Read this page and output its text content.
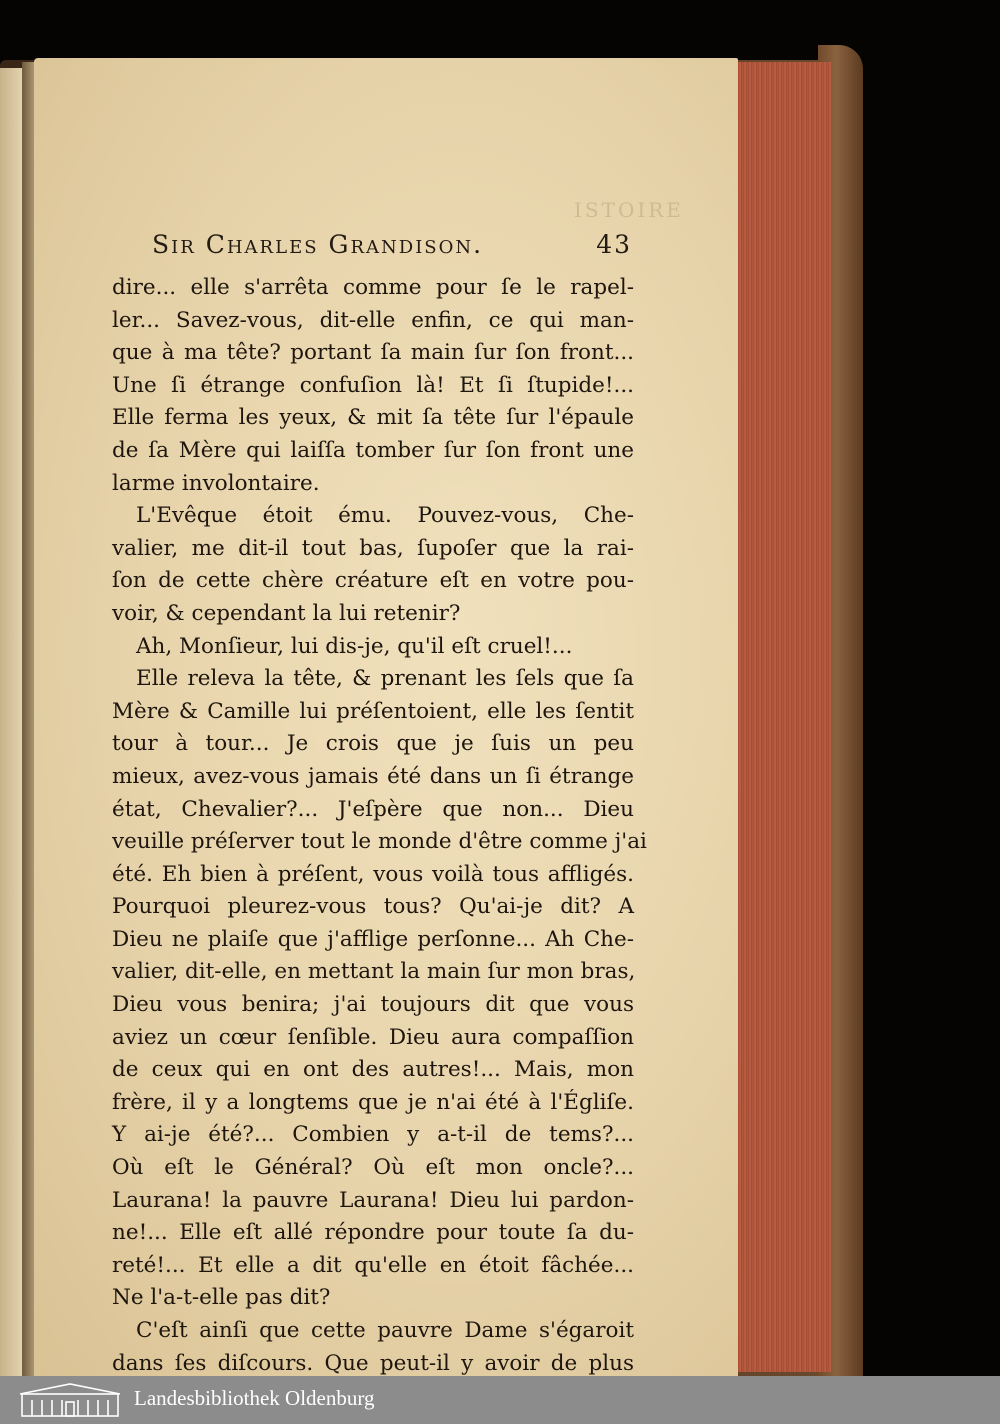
ISTOIRE
Sir Charles Grandison.	43
dire... elle s'arrêta comme pour ſe le rapel-
ler... Savez-vous, dit-elle enfin, ce qui man-
que à ma tête? portant ſa main ſur ſon front...
Une ſi étrange confuſion là! Et ſi ſtupide!...
Elle ferma les yeux, & mit ſa tête ſur l'épaule
de ſa Mère qui laiſſa tomber ſur ſon front une
larme involontaire.
L'Evêque étoit ému. Pouvez-vous, Che-
valier, me dit-il tout bas, ſupoſer que la rai-
ſon de cette chère créature eſt en votre pou-
voir, & cependant la lui retenir?
Ah, Monſieur, lui dis-je, qu'il eſt cruel!...
Elle releva la tête, & prenant les ſels que ſa
Mère & Camille lui préſentoient, elle les ſentit
tour à tour... Je crois que je ſuis un peu
mieux, avez-vous jamais été dans un ſi étrange
état, Chevalier?... J'eſpère que non... Dieu
veuille préſerver tout le monde d'être comme j'ai
été. Eh bien à préſent, vous voilà tous affligés.
Pourquoi pleurez-vous tous? Qu'ai-je dit? A
Dieu ne plaiſe que j'afflige perſonne... Ah Che-
valier, dit-elle, en mettant la main ſur mon bras,
Dieu vous benira; j'ai toujours dit que vous
aviez un cœur ſenſible. Dieu aura compaſſion
de ceux qui en ont des autres!... Mais, mon
frère, il y a longtems que je n'ai été à l'Égliſe.
Y ai-je été?... Combien y a-t-il de tems?...
Où eſt le Général? Où eſt mon oncle?...
Laurana! la pauvre Laurana! Dieu lui pardon-
ne!... Elle eſt allé répondre pour toute ſa du-
reté!... Et elle a dit qu'elle en étoit fâchée...
Ne l'a-t-elle pas dit?
C'eſt ainſi que cette pauvre Dame s'égaroit
dans ſes diſcours. Que peut-il y avoir de plus
Landesbibliothek Oldenburg
